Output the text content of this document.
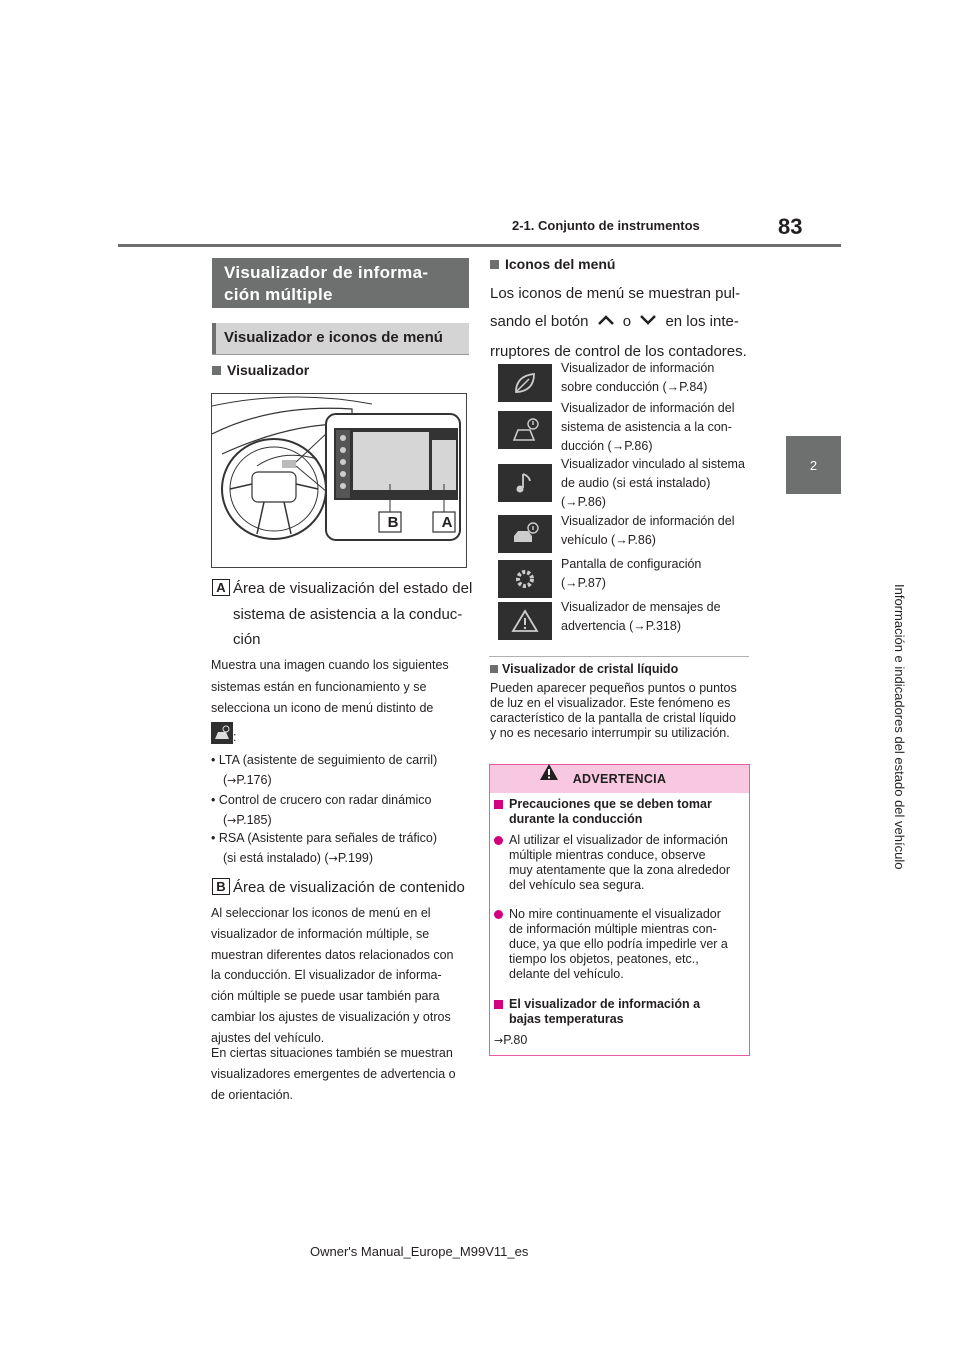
2-1. Conjunto de instrumentos	83
2
Información e indicadores del estado del vehículo
Visualizador de informa-
ción múltiple
Visualizador e iconos de menú
Visualizador
B	A
A Área de visualización del estado del
sistema de asistencia a la conduc-
ción
Muestra una imagen cuando los siguientes
sistemas están en funcionamiento y se
selecciona un icono de menú distinto de
:
• LTA (asistente de seguimiento de carril)
(→P.176)
• Control de crucero con radar dinámico
(→P.185)
• RSA (Asistente para señales de tráfico)
(si está instalado) (→P.199)
B Área de visualización de contenido
Al seleccionar los iconos de menú en el
visualizador de información múltiple, se
muestran diferentes datos relacionados con
la conducción. El visualizador de informa-
ción múltiple se puede usar también para
cambiar los ajustes de visualización y otros
ajustes del vehículo.
En ciertas situaciones también se muestran
visualizadores emergentes de advertencia o
de orientación.
Iconos del menú
Los iconos de menú se muestran pul-
sando el botón o en los inte-
rruptores de control de los contadores.
Visualizador de información
sobre conducción (→P.84)
Visualizador de información del
sistema de asistencia a la con-
ducción (→P.86)
Visualizador vinculado al sistema
de audio (si está instalado)
(→P.86)
Visualizador de información del
vehículo (→P.86)
Pantalla de configuración
(→P.87)
Visualizador de mensajes de
advertencia (→P.318)
Visualizador de cristal líquido
Pueden aparecer pequeños puntos o puntos
de luz en el visualizador. Este fenómeno es
característico de la pantalla de cristal líquido
y no es necesario interrumpir su utilización.
ADVERTENCIA
Precauciones que se deben tomar
durante la conducción
Al utilizar el visualizador de información
múltiple mientras conduce, observe
muy atentamente que la zona alrededor
del vehículo sea segura.
No mire continuamente el visualizador
de información múltiple mientras con-
duce, ya que ello podría impedirle ver a
tiempo los objetos, peatones, etc.,
delante del vehículo.
El visualizador de información a
bajas temperaturas
→P.80
Owner's Manual_Europe_M99V11_es
